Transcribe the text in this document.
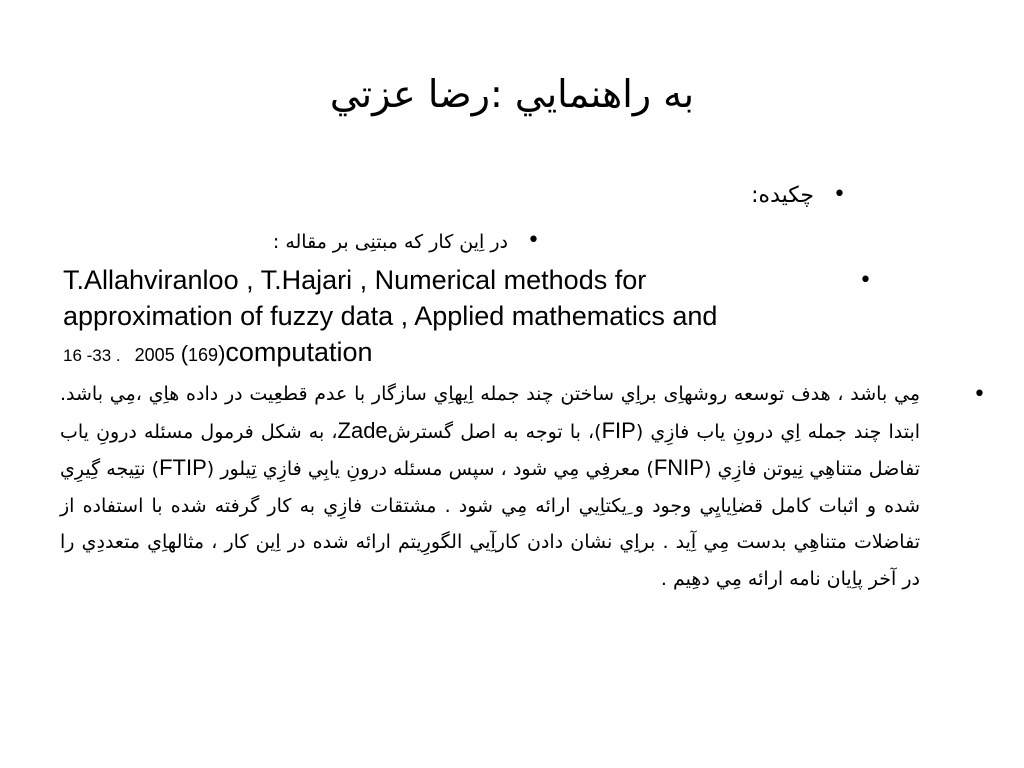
به راهنمايي :رضا عزتي
•
چکیده:
•
در اِین کار که مبتنِی بر مقاله :
•
T.Allahviranloo , T.Hajari , Numerical methods for
approximation of fuzzy data , Applied mathematics and
16 -33 . 2005 ( 169 ) computation
•
مِي باشد ، هدف توسعه روشهاِی براِي ساختن چند جمله اِيهاِي سازگار با عدم قطعِيت در داده هاِي ،مِي باشد. ابتدا چند جمله اِي درونِ ياب فازِي (FIP)، با توجه به اصل گسترشZade، به شکل فرمول مسئله درونِ ياب تفاضل متناهِي نِيوتن فازِي (FNIP) معرفِي مِي شود ، سپس مسئله درونِ يابِي فازِي تِيلور (FTIP) نتِيجه گِيرِي شده و اثبات کامل قضاِيايِي وجود و ِيکتاِيي ارائه مِي شود . مشتقات فازِي به کار گرفته شده با استفاده از تفاضلات متناهِي بدست مِي آِيد . براِي نشان دادن کارآِيي الگورِيتم ارائه شده در اِين کار ، مثالهاِي متعددِي را در آخر پاِيان نامه ارائه مِي دهِيم .
